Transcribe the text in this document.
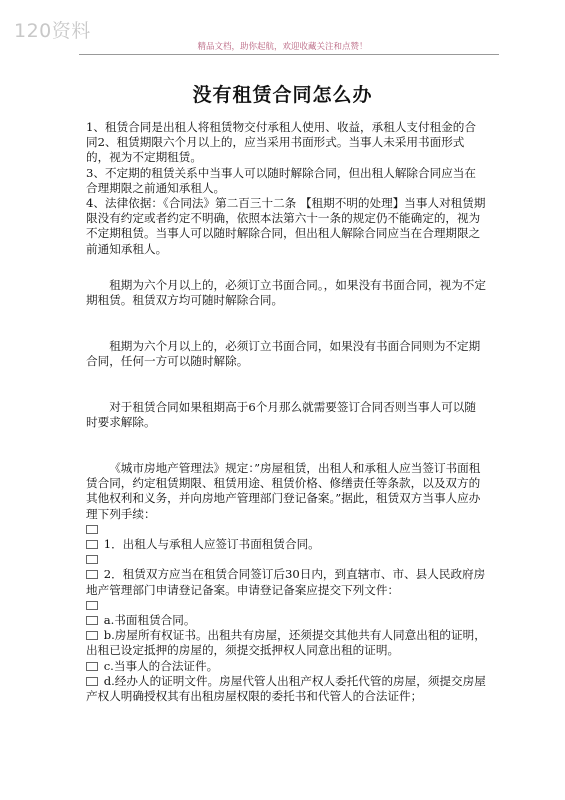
120资料
精品文档，助你起航，欢迎收藏关注和点赞！
没有租赁合同怎么办

1、租赁合同是出租人将租赁物交付承租人使用、收益，承租人支付租金的合同2、租赁期限六个月以上的，应当采用书面形式。当事人未采用书面形式的，视为不定期租赁。

3、不定期的租赁关系中当事人可以随时解除合同，但出租人解除合同应当在合理期限之前通知承租人。

4、法律依据：《合同法》第二百三十二条 【租期不明的处理】当事人对租赁期限没有约定或者约定不明确，依照本法第六十一条的规定仍不能确定的，视为不定期租赁。当事人可以随时解除合同，但出租人解除合同应当在合理期限之前通知承租人。

租期为六个月以上的，必须订立书面合同。，如果没有书面合同，视为不定期租赁。租赁双方均可随时解除合同。

租期为六个月以上的，必须订立书面合同，如果没有书面合同则为不定期合同，任何一方可以随时解除。

对于租赁合同如果租期高于6个月那么就需要签订合同否则当事人可以随时要求解除。

《城市房地产管理法》规定：”房屋租赁，出租人和承租人应当签订书面租赁合同，约定租赁期限、租赁用途、租赁价格、修缮责任等条款，以及双方的其他权利和义务，并向房地产管理部门登记备案。”据此，租赁双方当事人应办理下列手续：

1．出租人与承租人应签订书面租赁合同。

2．租赁双方应当在租赁合同签订后30日内，到直辖市、市、县人民政府房地产管理部门申请登记备案。申请登记备案应提交下列文件：

a.书面租赁合同。

b.房屋所有权证书。出租共有房屋，还须提交其他共有人同意出租的证明，出租已设定抵押的房屋的，须提交抵押权人同意出租的证明。

c.当事人的合法证件。

d.经办人的证明文件。房屋代管人出租产权人委托代管的房屋，须提交房屋产权人明确授权其有出租房屋权限的委托书和代管人的合法证件；
